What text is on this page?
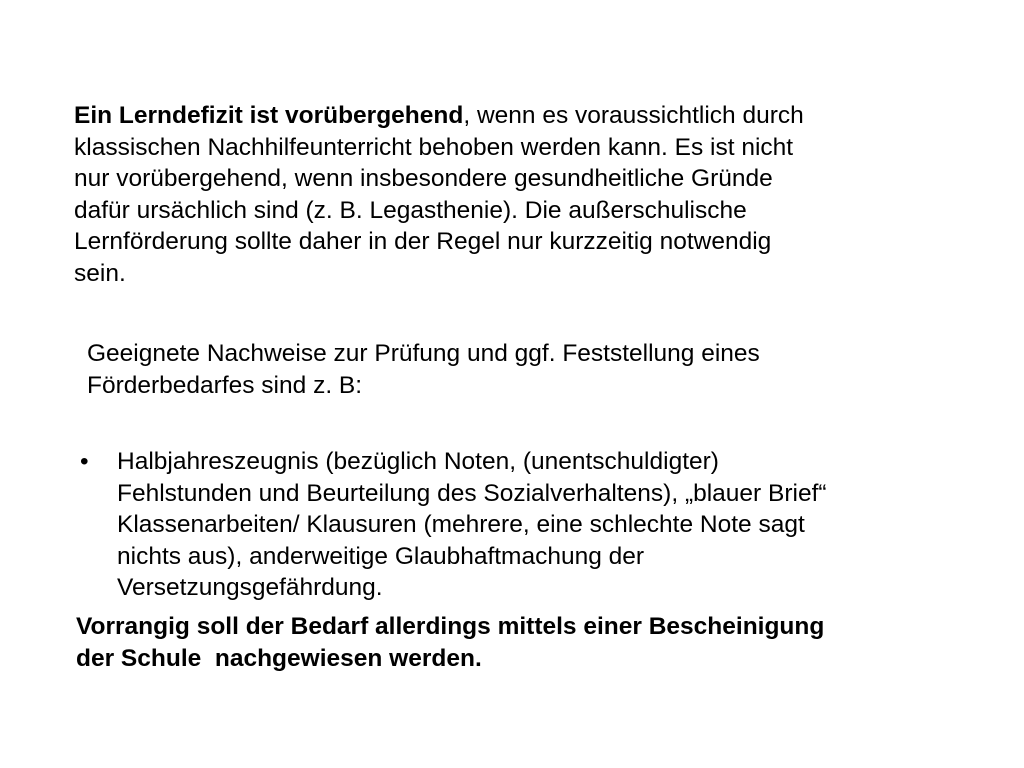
Ein Lerndefizit ist vorübergehend, wenn es voraussichtlich durch
klassischen Nachhilfeunterricht behoben werden kann. Es ist nicht
nur vorübergehend, wenn insbesondere gesundheitliche Gründe
dafür ursächlich sind (z. B. Legasthenie). Die außerschulische
Lernförderung sollte daher in der Regel nur kurzzeitig notwendig
sein.

Geeignete Nachweise zur Prüfung und ggf. Feststellung eines
Förderbedarfes sind z. B:

•	Halbjahreszeugnis (bezüglich Noten, (unentschuldigter)
Fehlstunden und Beurteilung des Sozialverhaltens), „blauer Brief“
Klassenarbeiten/ Klausuren (mehrere, eine schlechte Note sagt
nichts aus), anderweitige Glaubhaftmachung der
Versetzungsgefährdung.

Vorrangig soll der Bedarf allerdings mittels einer Bescheinigung
der Schule  nachgewiesen werden.
